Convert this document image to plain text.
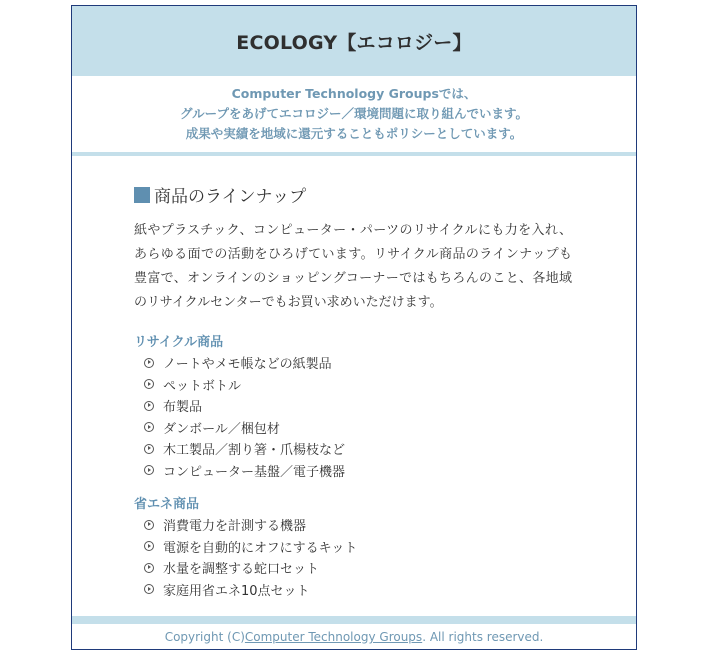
ECOLOGY【エコロジー】

Computer Technology Groupsでは、

グループをあげてエコロジー／環境問題に取り組んでいます。

成果や実績を地域に還元することもポリシーとしています。

商品のラインナップ

紙やプラスチック、コンピューター・パーツのリサイクルにも力を入れ、あらゆる面での活動をひろげています。リサイクル商品のラインナップも豊富で、オンラインのショッピングコーナーではもちろんのこと、各地域のリサイクルセンターでもお買い求めいただけます。

リサイクル商品
ノートやメモ帳などの紙製品
ペットボトル
布製品
ダンボール／梱包材
木工製品／割り箸・爪楊枝など
コンピューター基盤／電子機器
省エネ商品
消費電力を計測する機器
電源を自動的にオフにするキット
水量を調整する蛇口セット
家庭用省エネ10点セット
Copyright (C) Computer Technology Groups . All rights reserved.
